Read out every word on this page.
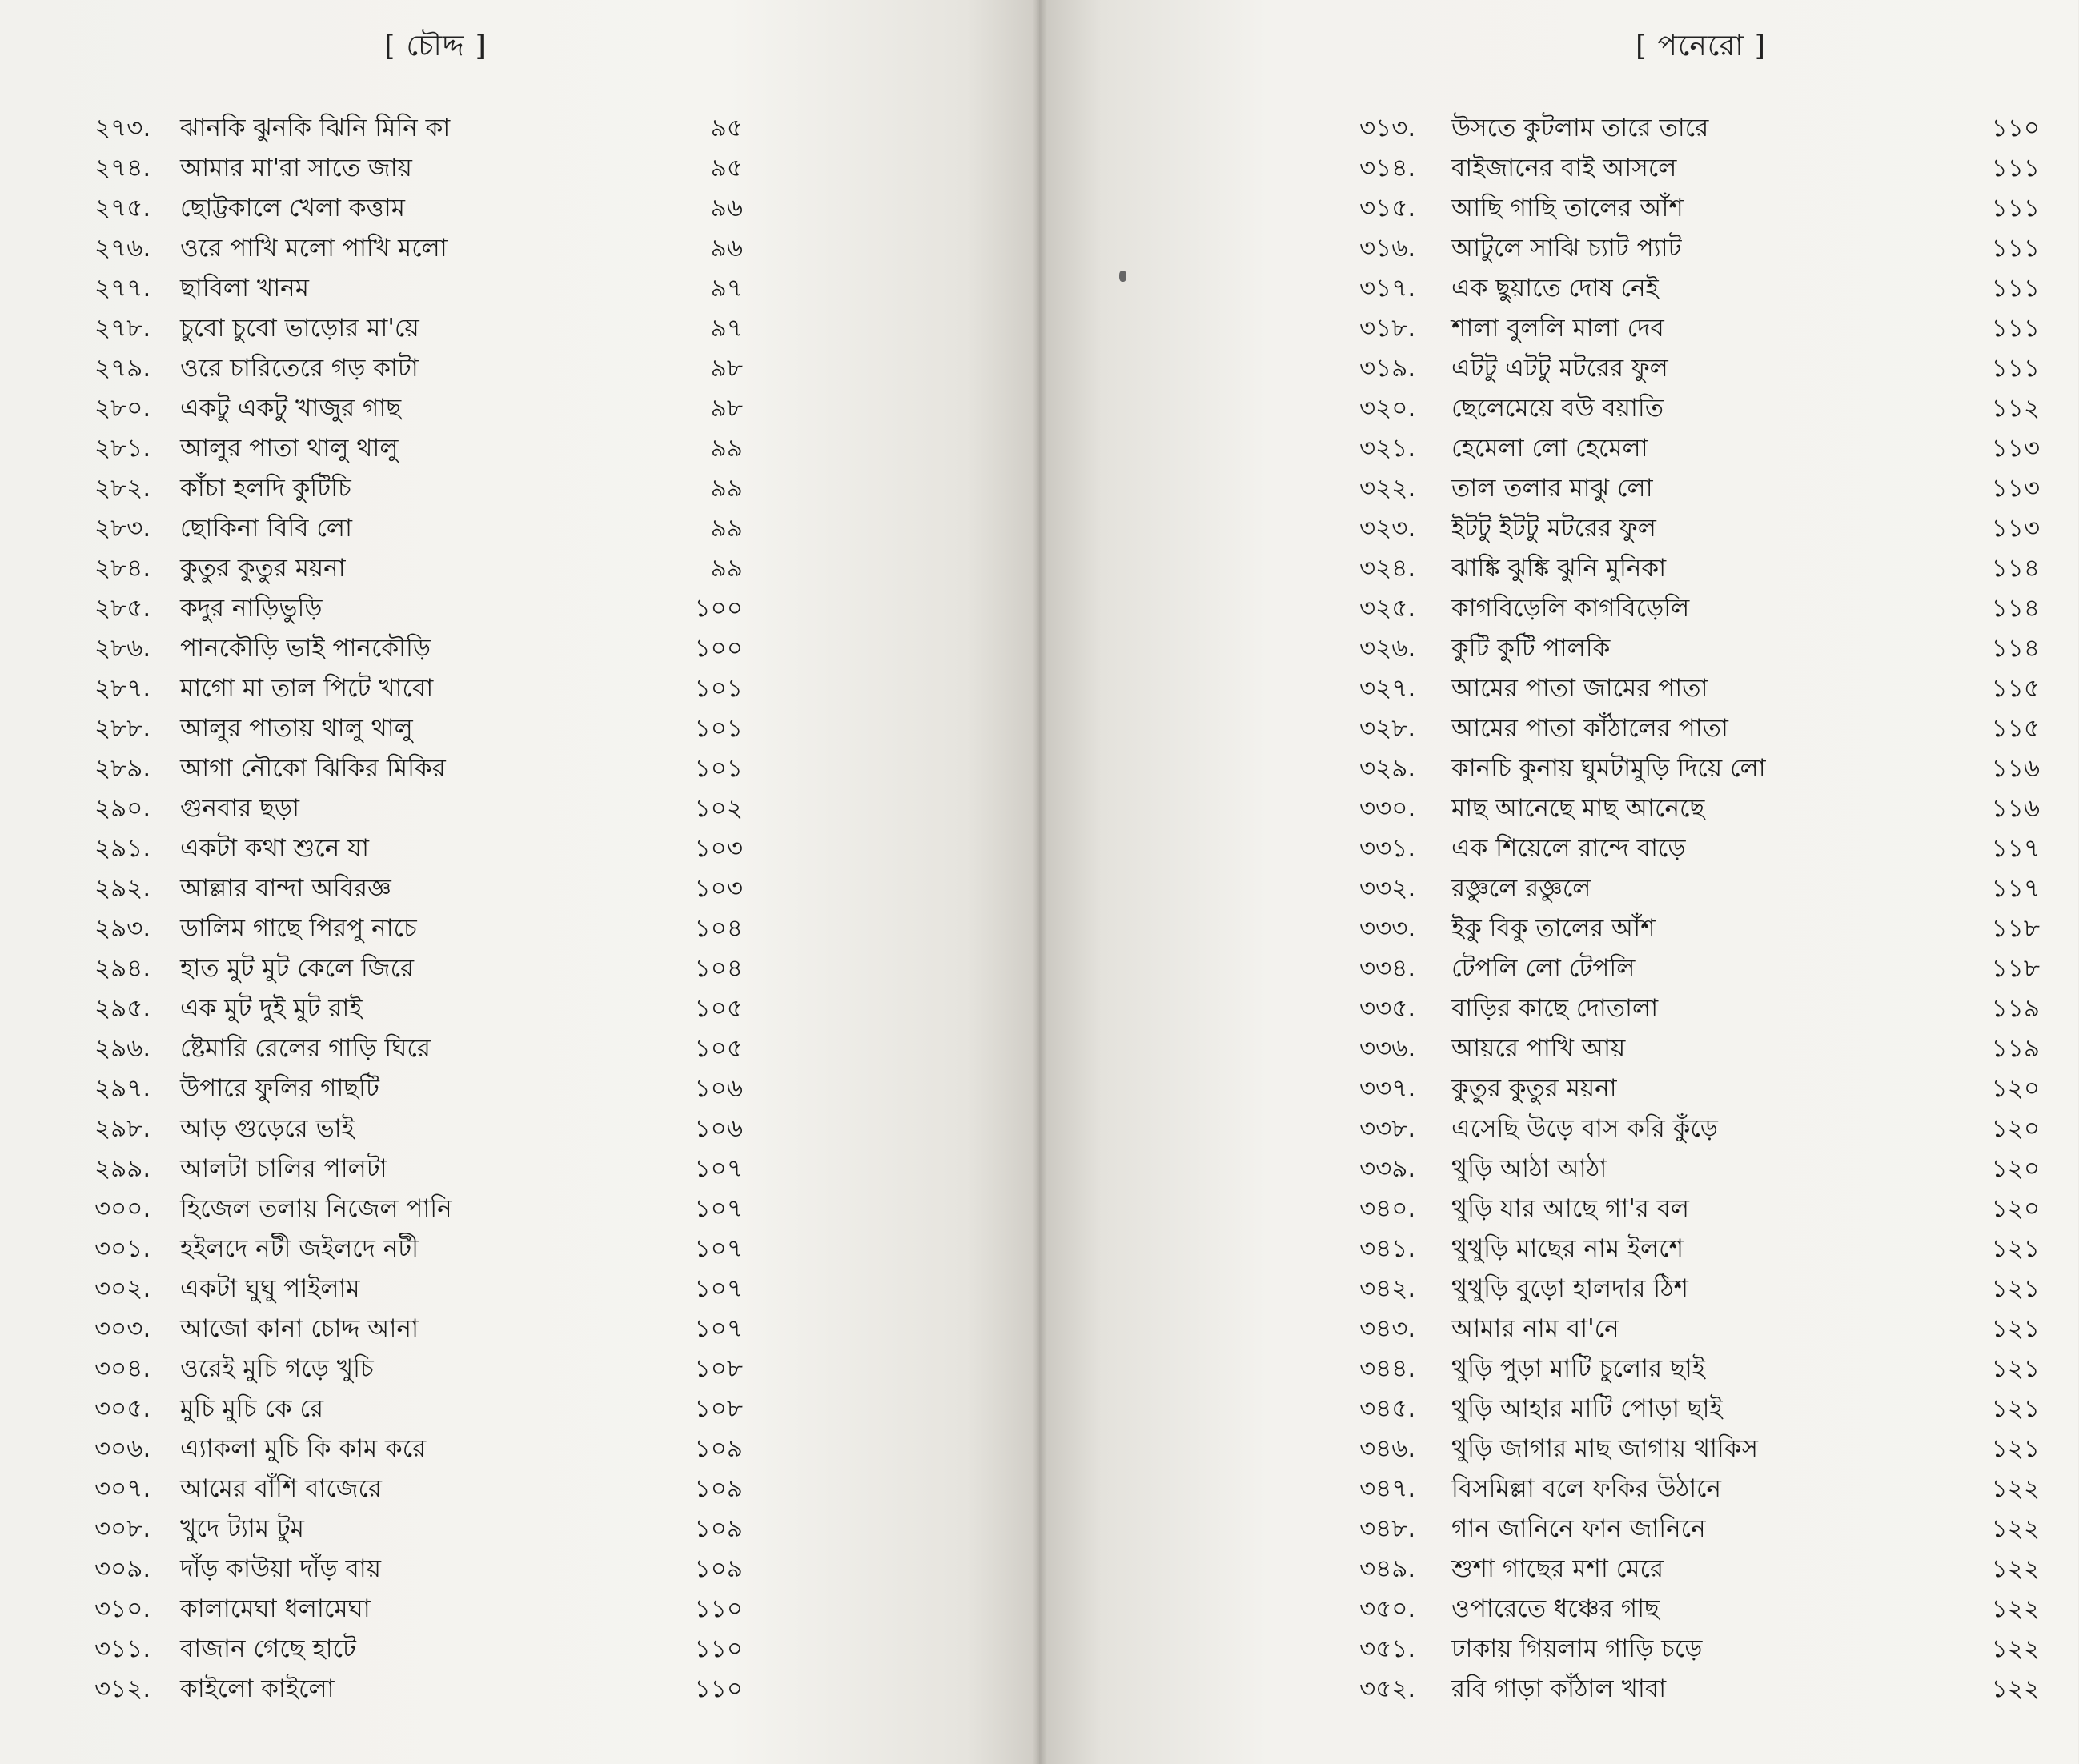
[ চৌদ্দ ]
২৭৩. ঝানকি ঝুনকি ঝিনি মিনি কা	৯৫
২৭৪. আমার মা'রা সাতে জায়	৯৫
২৭৫. ছোট্টকালে খেলা কত্তাম	৯৬
২৭৬. ওরে পাখি মলো পাখি মলো	৯৬
২৭৭. ছাবিলা খানম	৯৭
২৭৮. চুবো চুবো ভাড়োর মা'য়ে	৯৭
২৭৯. ওরে চারিতেরে গড় কাটা	৯৮
২৮০. একটু একটু খাজুর গাছ	৯৮
২৮১. আলুর পাতা থালু থালু	৯৯
২৮২. কাঁচা হলদি কুটিচি	৯৯
২৮৩. ছোকিনা বিবি লো	৯৯
২৮৪. কুতুর কুতুর ময়না	৯৯
২৮৫. কদুর নাড়িভুড়ি	১০০
২৮৬. পানকৌড়ি ভাই পানকৌড়ি	১০০
২৮৭. মাগো মা তাল পিটে খাবো	১০১
২৮৮. আলুর পাতায় থালু থালু	১০১
২৮৯. আগা নৌকো ঝিকির মিকির	১০১
২৯০. গুনবার ছড়া	১০২
২৯১. একটা কথা শুনে যা	১০৩
২৯২. আল্লার বান্দা অবিরজ্ঞ	১০৩
২৯৩. ডালিম গাছে পিরপু নাচে	১০৪
২৯৪. হাত মুট মুট কেলে জিরে	১০৪
২৯৫. এক মুট দুই মুট রাই	১০৫
২৯৬. ষ্টেমারি রেলের গাড়ি ঘিরে	১০৫
২৯৭. উপারে ফুলির গাছটি	১০৬
২৯৮. আড় গুড়েরে ভাই	১০৬
২৯৯. আলটা চালির পালটা	১০৭
৩০০. হিজেল তলায় নিজেল পানি	১০৭
৩০১. হইলদে নটী জইলদে নটী	১০৭
৩০২. একটা ঘুঘু পাইলাম	১০৭
৩০৩. আজো কানা চোদ্দ আনা	১০৭
৩০৪. ওরেই মুচি গড়ে খুচি	১০৮
৩০৫. মুচি মুচি কে রে	১০৮
৩০৬. এ্যাকলা মুচি কি কাম করে	১০৯
৩০৭. আমের বাঁশি বাজেরে	১০৯
৩০৮. খুদে ট্যাম টুম	১০৯
৩০৯. দাঁড় কাউয়া দাঁড় বায়	১০৯
৩১০. কালামেঘা ধলামেঘা	১১০
৩১১. বাজান গেছে হাটে	১১০
৩১২. কাইলো কাইলো	১১০
[ পনেরো ]
৩১৩. উসতে কুটলাম তারে তারে	১১০
৩১৪. বাইজানের বাই আসলে	১১১
৩১৫. আছি গাছি তালের আঁশ	১১১
৩১৬. আটুলে সাঝি চ্যাট প্যাট	১১১
৩১৭. এক ছুয়াতে দোষ নেই	১১১
৩১৮. শালা বুললি মালা দেব	১১১
৩১৯. এটটু এটটু মটরের ফুল	১১১
৩২০. ছেলেমেয়ে বউ বয়াতি	১১২
৩২১. হেমেলা লো হেমেলা	১১৩
৩২২. তাল তলার মাঝু লো	১১৩
৩২৩. ইটটু ইটটু মটরের ফুল	১১৩
৩২৪. ঝাঙ্কি ঝুঙ্কি ঝুনি মুনিকা	১১৪
৩২৫. কাগবিড়েলি কাগবিড়েলি	১১৪
৩২৬. কুটি কুটি পালকি	১১৪
৩২৭. আমের পাতা জামের পাতা	১১৫
৩২৮. আমের পাতা কাঁঠালের পাতা	১১৫
৩২৯. কানচি কুনায় ঘুমটামুড়ি দিয়ে লো	১১৬
৩৩০. মাছ আনেছে মাছ আনেছে	১১৬
৩৩১. এক শিয়েলে রান্দে বাড়ে	১১৭
৩৩২. রজ্ঞুলে রজ্ঞুলে	১১৭
৩৩৩. ইকু বিকু তালের আঁশ	১১৮
৩৩৪. টেপলি লো টেপলি	১১৮
৩৩৫. বাড়ির কাছে দোতালা	১১৯
৩৩৬. আয়রে পাখি আয়	১১৯
৩৩৭. কুতুর কুতুর ময়না	১২০
৩৩৮. এসেছি উড়ে বাস করি কুঁড়ে	১২০
৩৩৯. থুড়ি আঠা আঠা	১২০
৩৪০. থুড়ি যার আছে গা'র বল	১২০
৩৪১. থুথুড়ি মাছের নাম ইলশে	১২১
৩৪২. থুথুড়ি বুড়ো হালদার ঠিশ	১২১
৩৪৩. আমার নাম বা'নে	১২১
৩৪৪. থুড়ি পুড়া মাটি চুলোর ছাই	১২১
৩৪৫. থুড়ি আহার মাটি পোড়া ছাই	১২১
৩৪৬. থুড়ি জাগার মাছ জাগায় থাকিস	১২১
৩৪৭. বিসমিল্লা বলে ফকির উঠানে	১২২
৩৪৮. গান জানিনে ফান জানিনে	১২২
৩৪৯. শুশা গাছের মশা মেরে	১২২
৩৫০. ওপারেতে ধঞ্চের গাছ	১২২
৩৫১. ঢাকায় গিয়লাম গাড়ি চড়ে	১২২
৩৫২. রবি গাড়া কাঁঠাল খাবা	১২২
